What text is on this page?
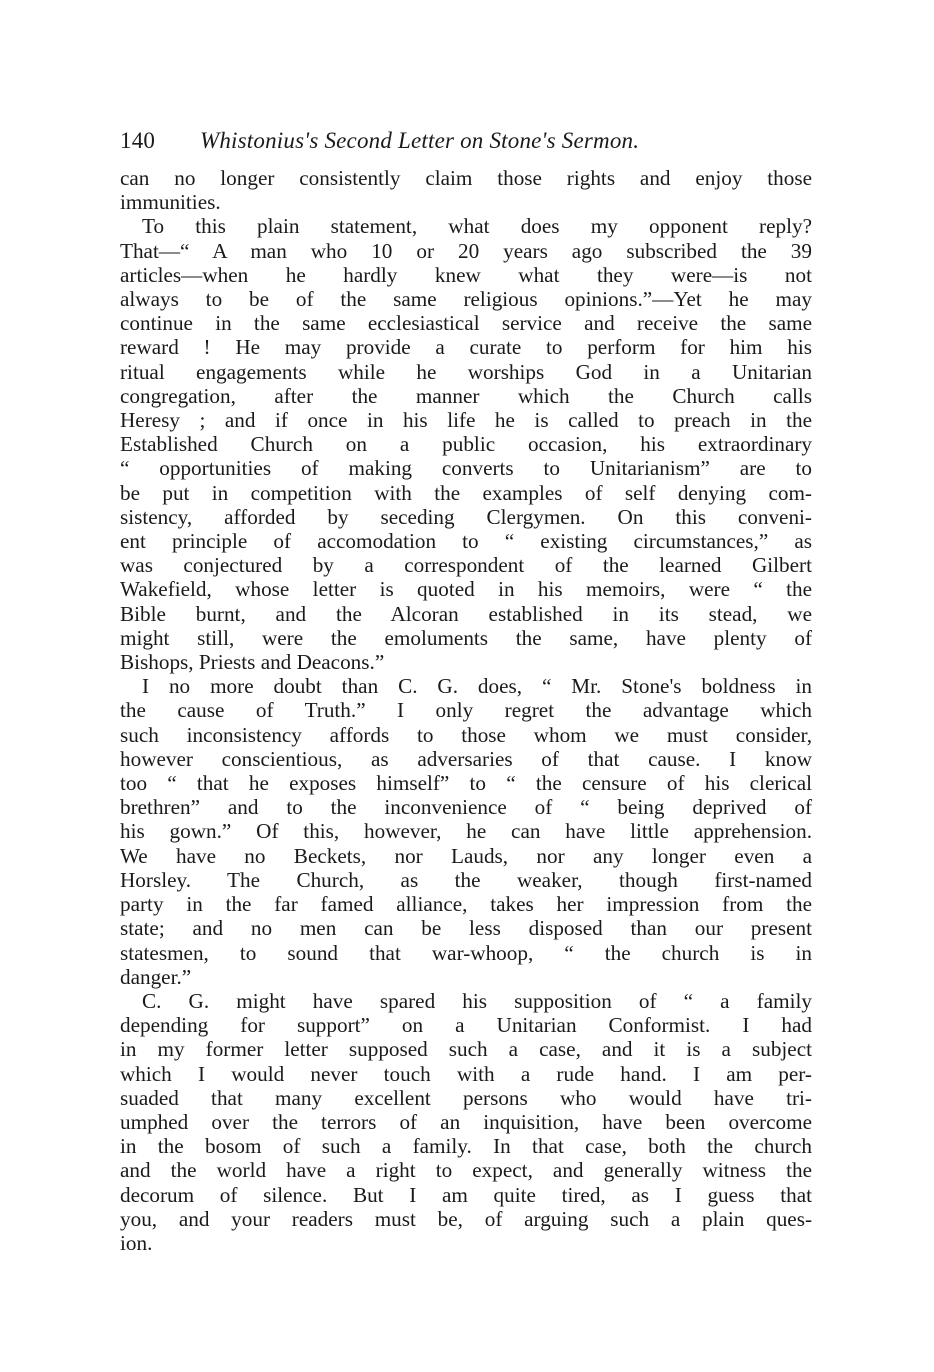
140	Whistonius's Second Letter on Stone's Sermon.

can no longer consistently claim those rights and enjoy those
immunities.

To this plain statement, what does my opponent reply?
That—“ A man who 10 or 20 years ago subscribed the 39
articles—when he hardly knew what they were—is not
always to be of the same religious opinions.”—Yet he may
continue in the same ecclesiastical service and receive the same
reward ! He may provide a curate to perform for him his
ritual engagements while he worships God in a Unitarian
congregation, after the manner which the Church calls
Heresy ; and if once in his life he is called to preach in the
Established Church on a public occasion, his extraordinary
“ opportunities of making converts to Unitarianism” are to
be put in competition with the examples of self denying com-
sistency, afforded by seceding Clergymen. On this conveni-
ent principle of accomodation to “ existing circumstances,” as
was conjectured by a correspondent of the learned Gilbert
Wakefield, whose letter is quoted in his memoirs, were “ the
Bible burnt, and the Alcoran established in its stead, we
might still, were the emoluments the same, have plenty of
Bishops, Priests and Deacons.”

I no more doubt than C. G. does, “ Mr. Stone's boldness in
the cause of Truth.” I only regret the advantage which
such inconsistency affords to those whom we must consider,
however conscientious, as adversaries of that cause. I know
too “ that he exposes himself” to “ the censure of his clerical
brethren” and to the inconvenience of “ being deprived of
his gown.” Of this, however, he can have little apprehension.
We have no Beckets, nor Lauds, nor any longer even a
Horsley. The Church, as the weaker, though first-named
party in the far famed alliance, takes her impression from the
state; and no men can be less disposed than our present
statesmen, to sound that war-whoop, “ the church is in
danger.”

C. G. might have spared his supposition of “ a family
depending for support” on a Unitarian Conformist. I had
in my former letter supposed such a case, and it is a subject
which I would never touch with a rude hand. I am per-
suaded that many excellent persons who would have tri-
umphed over the terrors of an inquisition, have been overcome
in the bosom of such a family. In that case, both the church
and the world have a right to expect, and generally witness the
decorum of silence. But I am quite tired, as I guess that
you, and your readers must be, of arguing such a plain ques-
ion.
